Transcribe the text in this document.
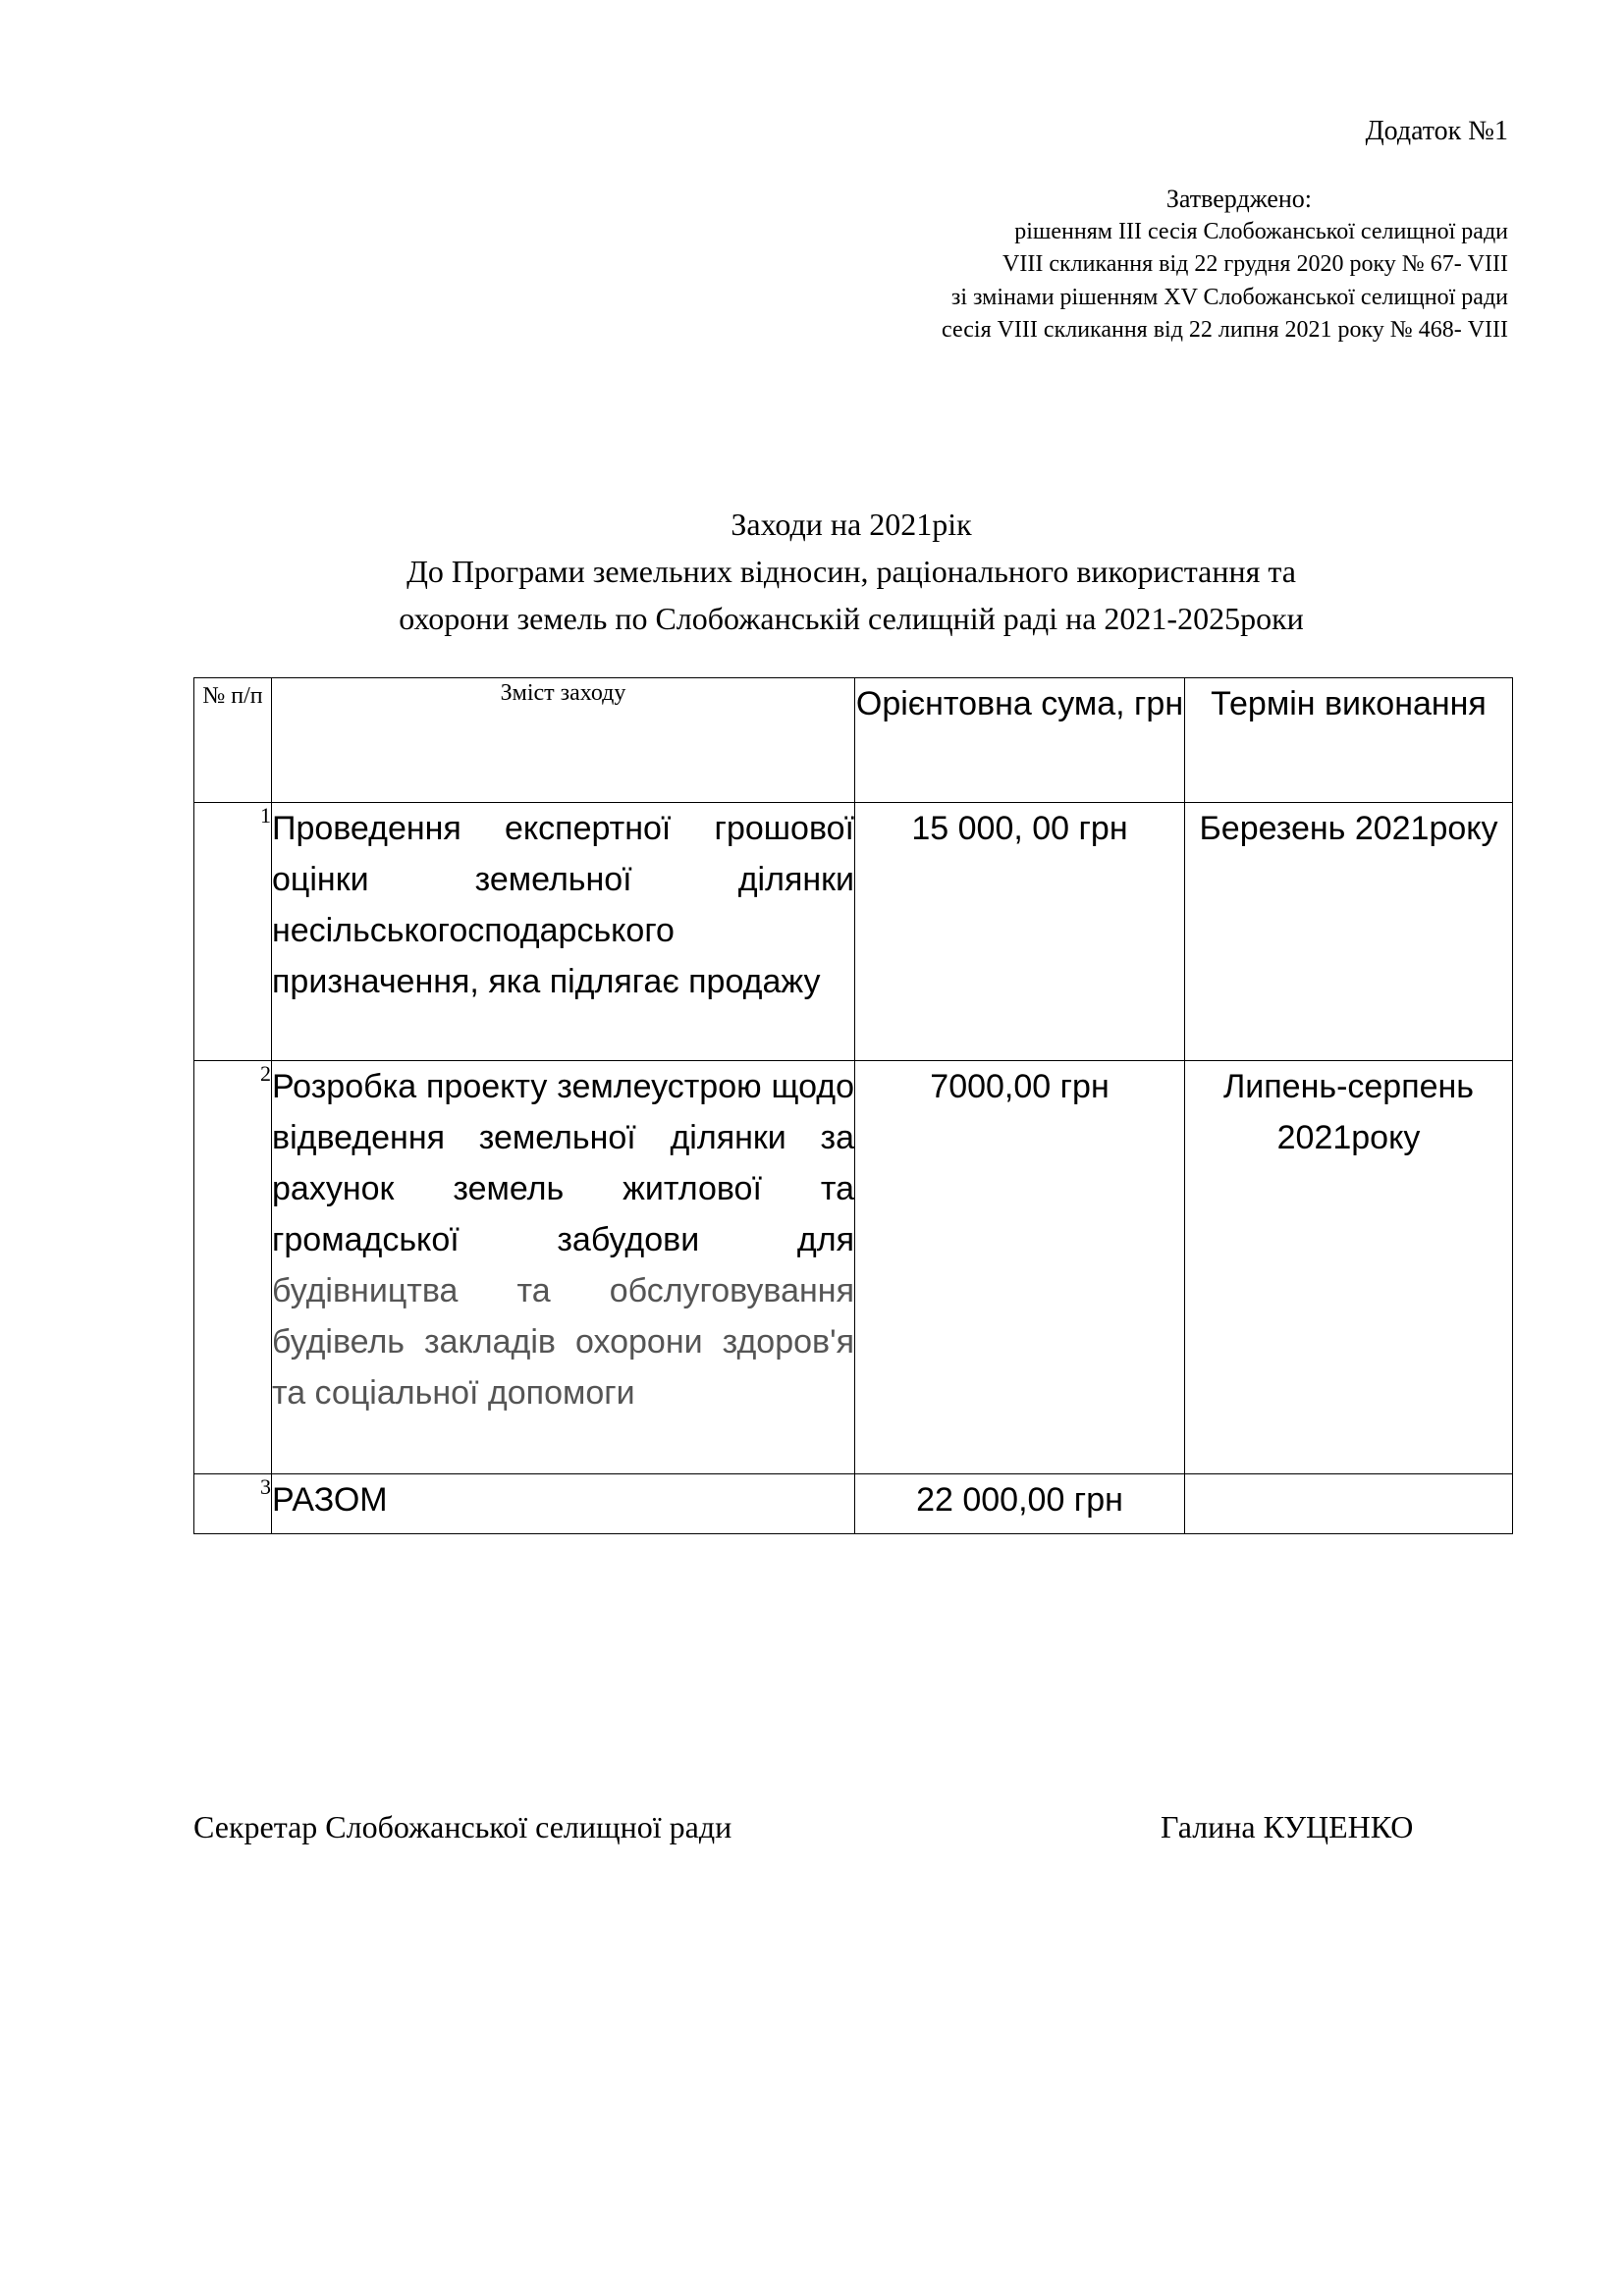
Додаток №1
Затверджено:
рішенням ІІІ сесія Слобожанської селищної ради
VIII скликання від 22 грудня 2020 року № 67- VIII
зі змінами рішенням XV Слобожанської селищної ради
сесія VIII скликання від 22 липня 2021 року № 468- VIII
Заходи на 2021рік
До Програми земельних відносин, раціонального використання та
охорони земель по Слобожанській селищній раді на 2021-2025роки
№ п/п	Зміст заходу	Орієнтовна сума, грн	Термін виконання
1	Проведення експертної грошової оцінки земельної ділянки несільськогосподарського призначення, яка підлягає продажу	15 000, 00 грн	Березень 2021року
2	Розробка проекту землеустрою щодо відведення земельної ділянки за рахунок земель житлової та громадської забудови для будівництва та обслуговування будівель закладів охорони здоров'я та соціальної допомоги	7000,00 грн	Липень-серпень 2021року
3	РАЗОМ	22 000,00 грн	
Секретар Слобожанської селищної ради	Галина КУЦЕНКО
